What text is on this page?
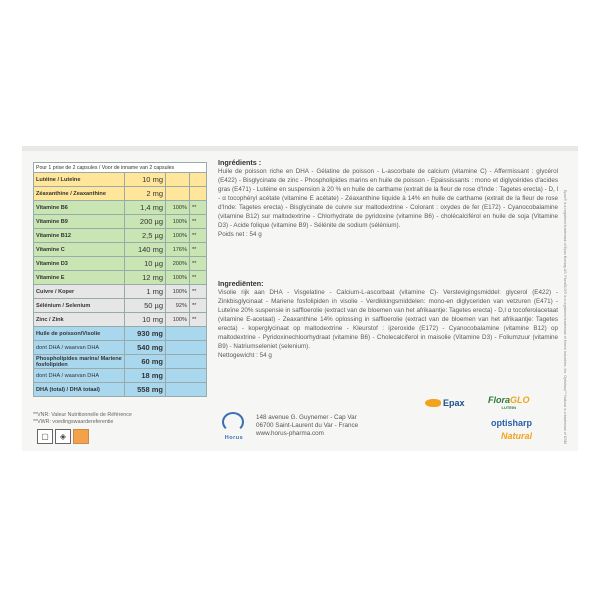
Pour 1 prise de 2 capsules / Voor de inname van 2 capsules			
Lutéine / Luteïne	10 mg		
Zéaxanthine / Zeaxanthine	2 mg		
Vitamine B6	1,4 mg	100%	**
Vitamine B9	200 µg	100%	**
Vitamine B12	2,5 µg	100%	**
Vitamine C	140 mg	176%	**
Vitamine D3	10 µg	200%	**
Vitamine E	12 mg	100%	**
Cuivre / Koper	1 mg	100%	**
Sélénium / Selenium	50 µg	92%	**
Zinc / Zink	10 mg	100%	**
Huile de poisson/Visolie	930 mg		
dont DHA / waarvan DHA	540 mg		
Phospholipides marins/ Mariene fosfolipiden	60 mg		
dont DHA / waarvan DHA	18 mg		
DHA (total) / DHA totaal)	558 mg		
**VNR: Valeur Nutritionnelle de Référence
**VWR: voedingswaardereferentie
▢	◈
Ingrédients :
Huile de poisson riche en DHA - Gélatine de poisson - L-ascorbate de calcium (vitamine C) - Affermissant : glycérol (E422) - Bisglycinate de zinc - Phospholipides marins en huile de poisson - Epaississants : mono et diglycérides d'acides gras (E471) - Lutéine en suspension à 20 % en huile de carthame (extrait de la fleur de rose d'Inde : Tagetes erecta) - D, l - α tocophéryl acétate (vitamine E acétate) - Zéaxanthine liquide à 14% en huile de carthame (extrait de la fleur de rose d'Inde: Tagetes erecta) - Bisglycinate de cuivre sur maltodextrine - Colorant : oxydes de fer (E172) - Cyanocobalamine (vitamine B12) sur maltodextrine - Chlorhydrate de pyridoxine (vitamine B6) - cholécalciférol en huile de soja (Vitamine D3) - Acide folique (vitamine B9) - Sélénite de sodium (sélénium).
Poids net : 54 g
Ingrediënten:
Visolie rijk aan DHA - Visgelatine - Calcium-L-ascorbaat (vitamine C)- Verstevigingsmiddel: glycerol (E422) - Zinkbisglycinaat - Mariene fosfolipiden in visolie - Verdikkingsmiddelen: mono-en diglyceriden van vetzuren (E471) - Luteïne 20% suspensie in saffloerolie (extract van de bloemen van het afrikaantje: Tagetes erecta) - D,l α tocoferolacetaat (vitamine E-acetaat) - Zeaxanthine 14% oplossing in saffloerolie (extract van de bloemen van het afrikaantje: Tagetes erecta) - koperglycinaat op maltodextrine - Kleurstof : ijzeroxide (E172) - Cyanocobalamine (vitamine B12) op maltodextrine - Pyridoxinechloorhydraat (vitamine B6) - Cholecalciferol in maisolie (Vitamine D3) - Foliumzuur (vitamine B9) - Natriumseleniet (selenium).
Nettogewicht : 54 g
Horus
148 avenue G. Guynemer - Cap Var
06700 Saint-Laurent du Var - France
www.horus-pharma.com
Epax	FloraGLO
LUTEIN
optisharp
Natural	Epax® is a registered trademark of Epax Norway AS. FloraGLO® is a registered trademark of Kemin Industries, Inc. Optisharp™ Natural is a trademark of DSM
